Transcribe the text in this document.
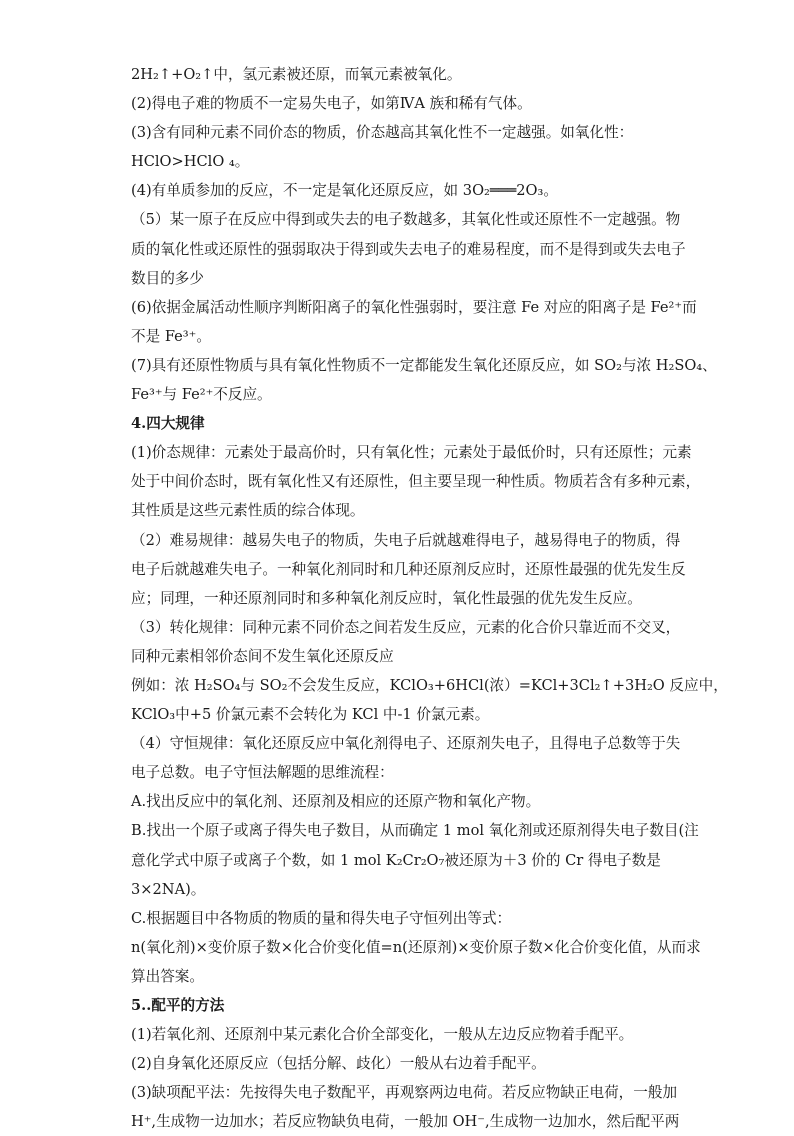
2H₂↑+O₂↑中，氢元素被还原，而氧元素被氧化。
(2)得电子难的物质不一定易失电子，如第ⅣA 族和稀有气体。
(3)含有同种元素不同价态的物质，价态越高其氧化性不一定越强。如氧化性：
HClO>HClO ₄。
(4)有单质参加的反应，不一定是氧化还原反应，如 3O₂═══2O₃。
（5）某一原子在反应中得到或失去的电子数越多，其氧化性或还原性不一定越强。物
质的氧化性或还原性的强弱取决于得到或失去电子的难易程度，而不是得到或失去电子
数目的多少
(6)依据金属活动性顺序判断阳离子的氧化性强弱时，要注意 Fe 对应的阳离子是 Fe²⁺而
不是 Fe³⁺。
(7)具有还原性物质与具有氧化性物质不一定都能发生氧化还原反应，如 SO₂与浓 H₂SO₄、
Fe³⁺与 Fe²⁺不反应。
4.四大规律
(1)价态规律：元素处于最高价时，只有氧化性；元素处于最低价时，只有还原性；元素
处于中间价态时，既有氧化性又有还原性，但主要呈现一种性质。物质若含有多种元素，
其性质是这些元素性质的综合体现。
（2）难易规律：越易失电子的物质，失电子后就越难得电子，越易得电子的物质，得
电子后就越难失电子。一种氧化剂同时和几种还原剂反应时，还原性最强的优先发生反
应；同理，一种还原剂同时和多种氧化剂反应时，氧化性最强的优先发生反应。
（3）转化规律：同种元素不同价态之间若发生反应，元素的化合价只靠近而不交叉，
同种元素相邻价态间不发生氧化还原反应
例如：浓 H₂SO₄与 SO₂不会发生反应，KClO₃+6HCl(浓）=KCl+3Cl₂↑+3H₂O 反应中，
KClO₃中+5 价氯元素不会转化为 KCl 中-1 价氯元素。
（4）守恒规律：氧化还原反应中氧化剂得电子、还原剂失电子，且得电子总数等于失
电子总数。电子守恒法解题的思维流程：
A.找出反应中的氧化剂、还原剂及相应的还原产物和氧化产物。
B.找出一个原子或离子得失电子数目，从而确定 1 mol 氧化剂或还原剂得失电子数目(注
意化学式中原子或离子个数，如 1 mol K₂Cr₂O₇被还原为＋3 价的 Cr 得电子数是
3×2NA)。
C.根据题目中各物质的物质的量和得失电子守恒列出等式：
n(氧化剂)×变价原子数×化合价变化值=n(还原剂)×变价原子数×化合价变化值，从而求
算出答案。
5..配平的方法
(1)若氧化剂、还原剂中某元素化合价全部变化，一般从左边反应物着手配平。
(2)自身氧化还原反应（包括分解、歧化）一般从右边着手配平。
(3)缺项配平法：先按得失电子数配平，再观察两边电荷。若反应物缺正电荷，一般加
H⁺,生成物一边加水；若反应物缺负电荷，一般加 OH⁻,生成物一边加水，然后配平两
